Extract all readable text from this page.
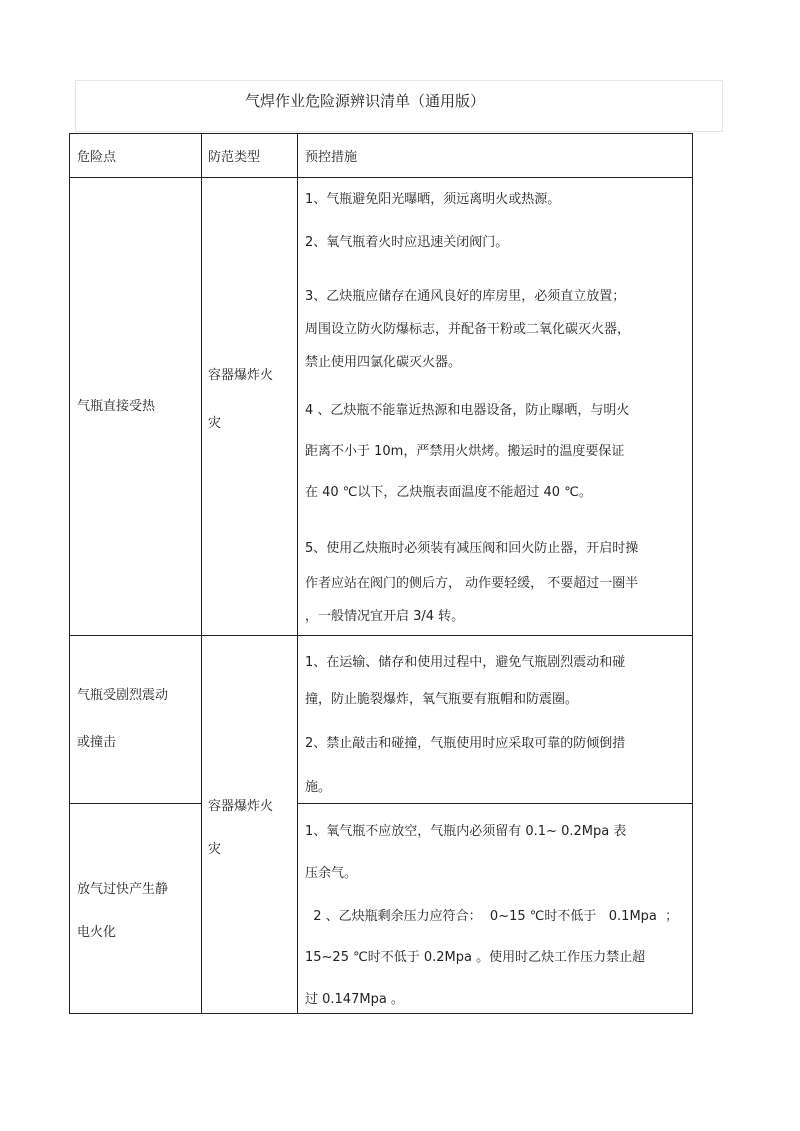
气焊作业危险源辨识清单（通用版）
危险点	防范类型	预控措施
气瓶直接受热
容器爆炸火
灾
1、气瓶避免阳光曝晒，须远离明火或热源。
2、氧气瓶着火时应迅速关闭阀门。
3、乙炔瓶应储存在通风良好的库房里，必须直立放置；
周围设立防火防爆标志，并配备干粉或二氧化碳灭火器，
禁止使用四氯化碳灭火器。
4 、乙炔瓶不能靠近热源和电器设备，防止曝晒，与明火
距离不小于 10m，严禁用火烘烤。搬运时的温度要保证
在 40 ℃以下，乙炔瓶表面温度不能超过 40 ℃。
5、使用乙炔瓶时必须装有减压阀和回火防止器，开启时操
作者应站在阀门的侧后方， 动作要轻缓， 不要超过一圈半
，一般情况宜开启 3/4 转。
气瓶受剧烈震动
或撞击
1、在运输、储存和使用过程中，避免气瓶剧烈震动和碰
撞，防止脆裂爆炸，氧气瓶要有瓶帽和防震圈。
2、禁止敲击和碰撞，气瓶使用时应采取可靠的防倾倒措
施。
容器爆炸火
灾
放气过快产生静
电火化
1、氧气瓶不应放空，气瓶内必须留有 0.1~ 0.2Mpa 表
压余气。
2 、乙炔瓶剩余压力应符合：  0~15 ℃时不低于   0.1Mpa  ；
15~25 ℃时不低于 0.2Mpa 。使用时乙炔工作压力禁止超
过 0.147Mpa 。
